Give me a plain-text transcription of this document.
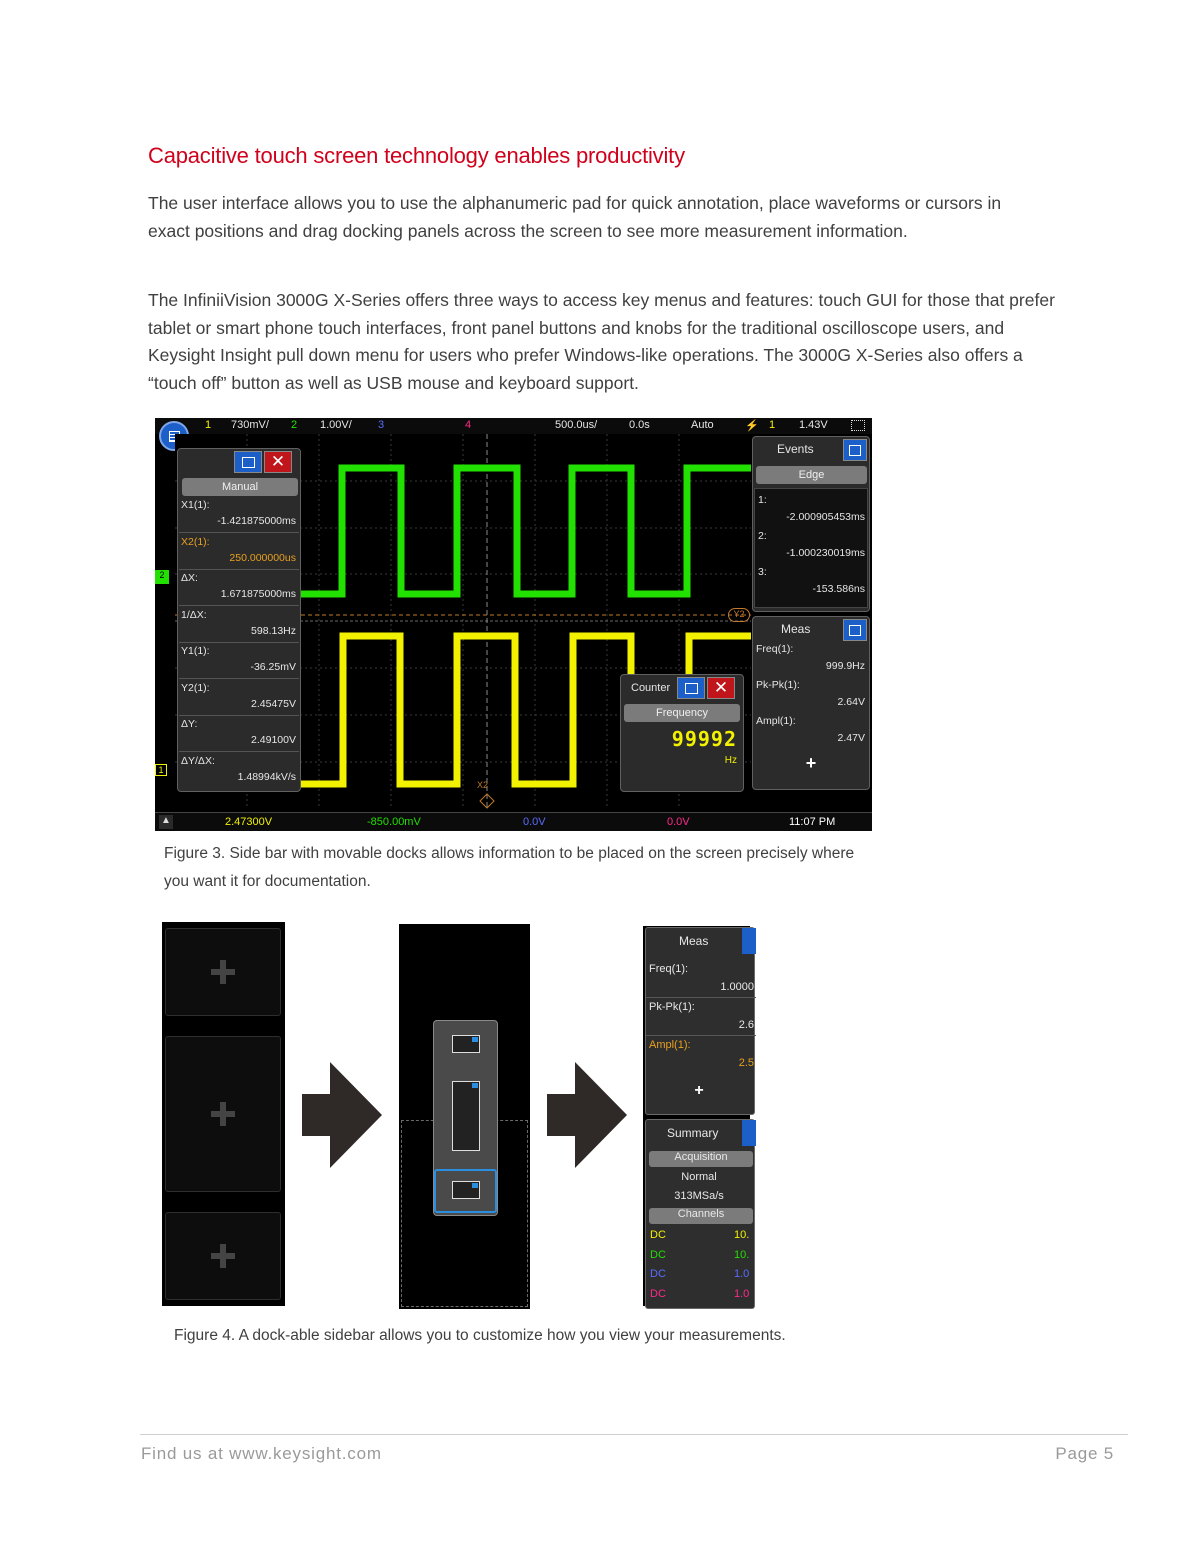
Capacitive touch screen technology enables productivity

The user interface allows you to use the alphanumeric pad for quick annotation, place waveforms or cursors in exact positions and drag docking panels across the screen to see more measurement information.

The InfiniiVision 3000G X-Series offers three ways to access key menus and features: touch GUI for those that prefer tablet or smart phone touch interfaces, front panel buttons and knobs for the traditional oscilloscope users, and Keysight Insight pull down menu for users who prefer Windows-like operations. The 3000G X-Series also offers a “touch off” button as well as USB mouse and keyboard support.

1 730mV/ 2 1.00V/ 3	4	500.0us/	0.0s	Auto	⚡ 1 1.43V
Y2
X2
2
1
✕
Manual
X1(1):
-1.421875000ms
X2(1):
250.000000us
ΔX:
1.671875000ms
1/ΔX:
598.13Hz
Y1(1):
-36.25mV
Y2(1):
2.45475V
ΔY:
2.49100V
ΔY/ΔX:
1.48994kV/s
Events
Edge
1:
-2.000905453ms
2:
-1.000230019ms
3:
-153.586ns
Meas
+
Freq(1):
999.9Hz
Pk-Pk(1):
2.64V
Ampl(1):
2.47V
Counter	✕
Frequency
99992
Hz
▲	2.47300V	-850.00mV	0.0V	0.0V	11:07 PM

Figure 3. Side bar with movable docks allows information to be placed on the screen precisely where you want it for documentation.

Meas
+
Freq(1):
1.0000
Pk-Pk(1):
2.6
Ampl(1):
2.5
Summary
Acquisition
Normal
313MSa/s
Channels
DC	10.
DC	10.
DC	1.0
DC	1.0

Figure 4. A dock-able sidebar allows you to customize how you view your measurements.

Find us at www.keysight.com	Page 5
